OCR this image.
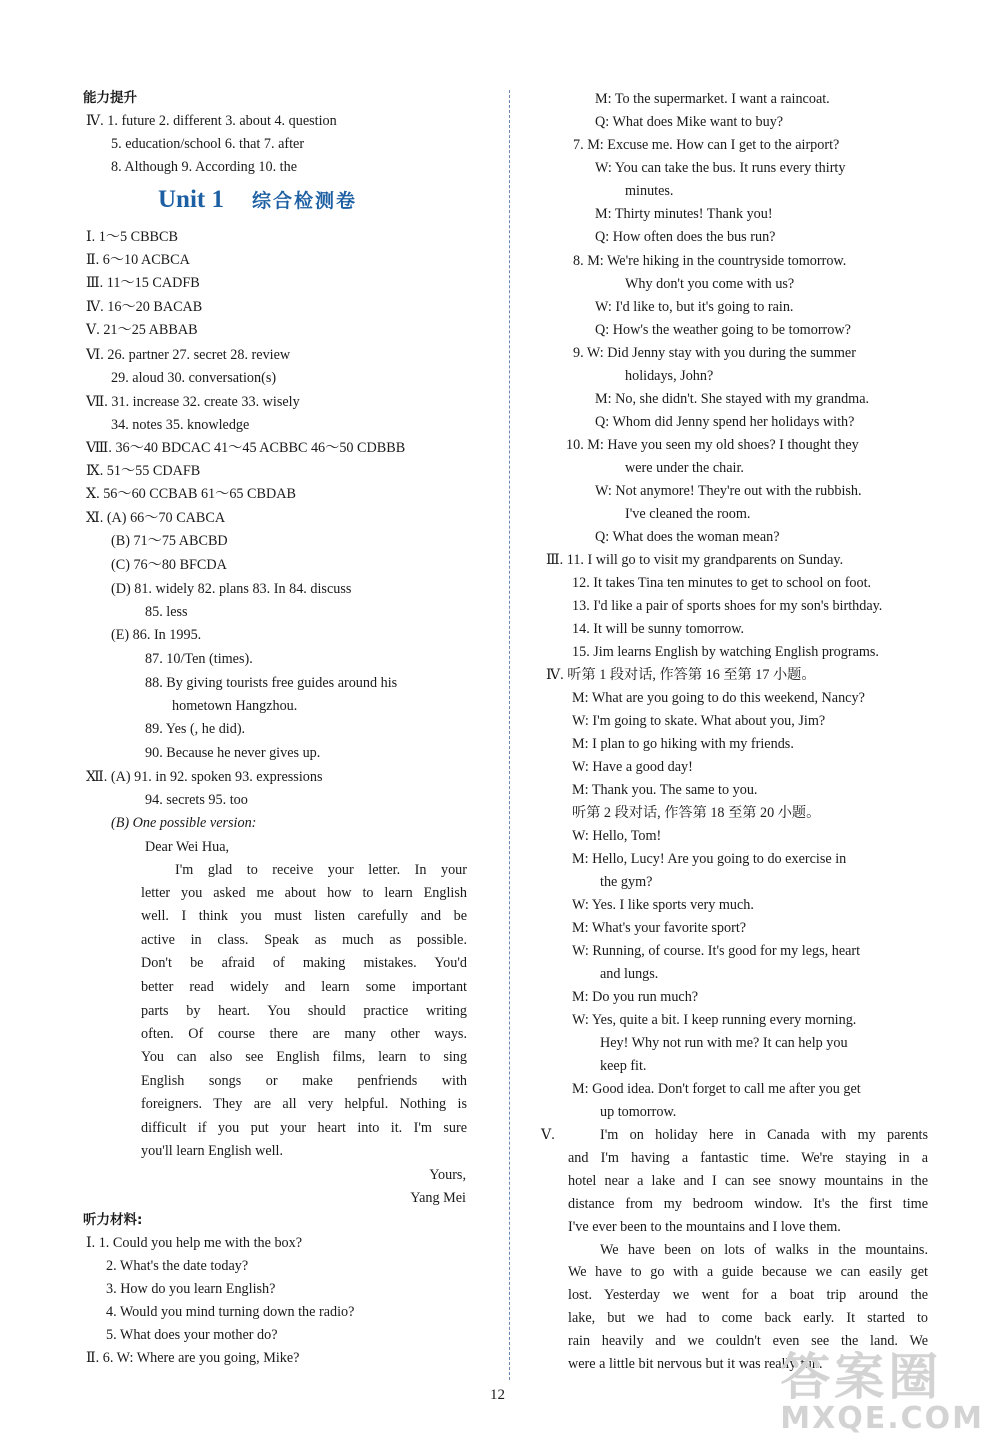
Unit 1 综合检测卷
能力提升
Ⅳ. 1. future 2. different 3. about 4. question
5. education/school 6. that 7. after
8. Although 9. According 10. the
Ⅰ. 1～5 CBBCB
Ⅱ. 6～10 ACBCA
Ⅲ. 11～15 CADFB
Ⅳ. 16～20 BACAB
Ⅴ. 21～25 ABBAB
Ⅵ. 26. partner 27. secret 28. review
29. aloud 30. conversation(s)
Ⅶ. 31. increase 32. create 33. wisely
34. notes 35. knowledge
Ⅷ. 36～40 BDCAC 41～45 ACBBC 46～50 CDBBB
Ⅸ. 51～55 CDAFB
Ⅹ. 56～60 CCBAB 61～65 CBDAB
Ⅺ. (A) 66～70 CABCA
(B) 71～75 ABCBD
(C) 76～80 BFCDA
(D) 81. widely 82. plans 83. In 84. discuss
85. less
(E) 86. In 1995.
87. 10/Ten (times).
88. By giving tourists free guides around his
hometown Hangzhou.
89. Yes (, he did).
90. Because he never gives up.
Ⅻ. (A) 91. in 92. spoken 93. expressions
94. secrets 95. too
(B) One possible version:
Dear Wei Hua,
听力材料:
Ⅰ. 1. Could you help me with the box?
2. What's the date today?
3. How do you learn English?
4. Would you mind turning down the radio?
5. What does your mother do?
Ⅱ. 6. W: Where are you going, Mike?
I'm glad to receive your letter. In your
letter you asked me about how to learn English
well. I think you must listen carefully and be
active in class. Speak as much as possible.
Don't be afraid of making mistakes. You'd
better read widely and learn some important
parts by heart. You should practice writing
often. Of course there are many other ways.
You can also see English films, learn to sing
English songs or make penfriends with
foreigners. They are all very helpful. Nothing is
difficult if you put your heart into it. I'm sure
you'll learn English well.
Yours,
Yang Mei
M: To the supermarket. I want a raincoat.
Q: What does Mike want to buy?
7. M: Excuse me. How can I get to the airport?
W: You can take the bus. It runs every thirty
minutes.
M: Thirty minutes! Thank you!
Q: How often does the bus run?
8. M: We're hiking in the countryside tomorrow.
Why don't you come with us?
W: I'd like to, but it's going to rain.
Q: How's the weather going to be tomorrow?
9. W: Did Jenny stay with you during the summer
holidays, John?
M: No, she didn't. She stayed with my grandma.
Q: Whom did Jenny spend her holidays with?
10. M: Have you seen my old shoes? I thought they
were under the chair.
W: Not anymore! They're out with the rubbish.
I've cleaned the room.
Q: What does the woman mean?
Ⅲ. 11. I will go to visit my grandparents on Sunday.
12. It takes Tina ten minutes to get to school on foot.
13. I'd like a pair of sports shoes for my son's birthday.
14. It will be sunny tomorrow.
15. Jim learns English by watching English programs.
Ⅳ. 听第 1 段对话, 作答第 16 至第 17 小题。
M: What are you going to do this weekend, Nancy?
W: I'm going to skate. What about you, Jim?
M: I plan to go hiking with my friends.
W: Have a good day!
M: Thank you. The same to you.
听第 2 段对话, 作答第 18 至第 20 小题。
W: Hello, Tom!
M: Hello, Lucy! Are you going to do exercise in
the gym?
W: Yes. I like sports very much.
M: What's your favorite sport?
W: Running, of course. It's good for my legs, heart
and lungs.
M: Do you run much?
W: Yes, quite a bit. I keep running every morning.
Hey! Why not run with me? It can help you
keep fit.
M: Good idea. Don't forget to call me after you get
up tomorrow.
Ⅴ.	I'm on holiday here in Canada with my parents
and I'm having a fantastic time. We're staying in a
hotel near a lake and I can see snowy mountains in the
distance from my bedroom window. It's the first time
I've ever been to the mountains and I love them.
We have been on lots of walks in the mountains.
We have to go with a guide because we can easily get
lost. Yesterday we went for a boat trip around the
lake, but we had to come back early. It started to
rain heavily and we couldn't even see the land. We
were a little bit nervous but it was really fun.
12	答案圈
MXQE.COM
